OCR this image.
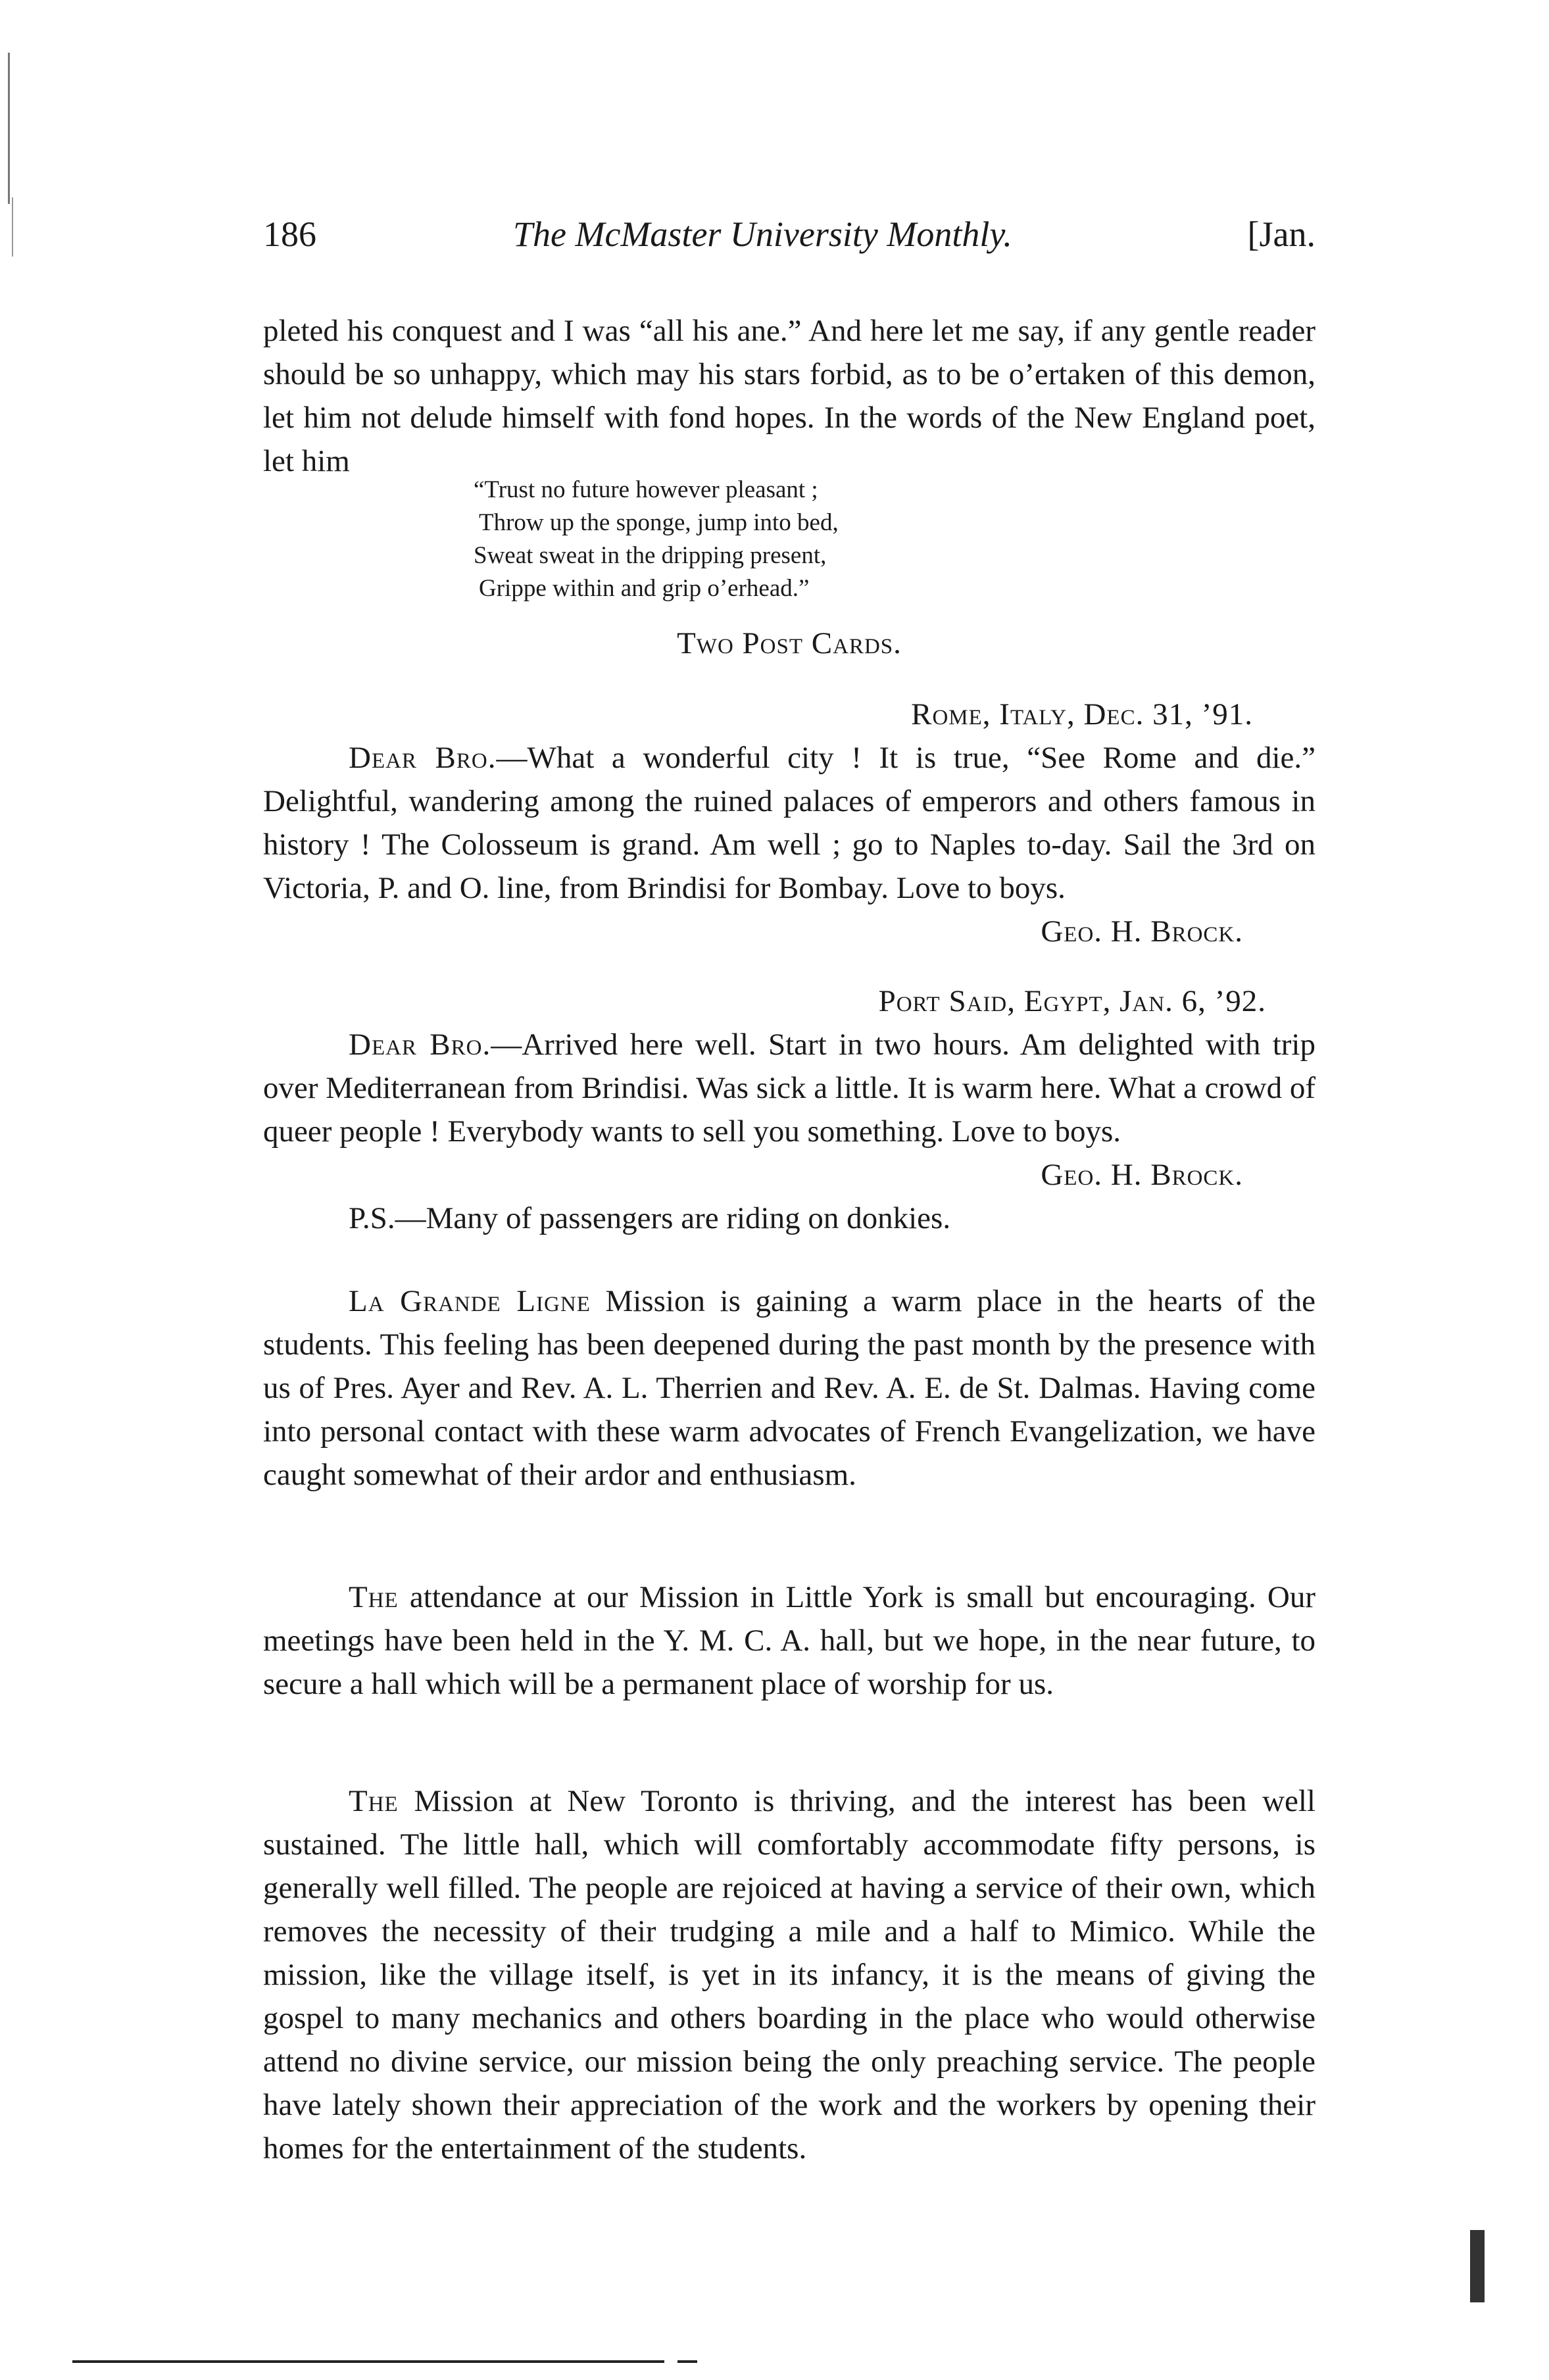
186	The McMaster University Monthly.	[Jan.

pleted his conquest and I was “all his ane.” And here let me say, if any gentle reader should be so unhappy, which may his stars forbid, as to be o’ertaken of this demon, let him not delude himself with fond hopes. In the words of the New England poet, let him

“Trust no future however pleasant ;
Throw up the sponge, jump into bed,
Sweat sweat in the dripping present,
Grippe within and grip o’erhead.”

Two Post Cards.

Rome, Italy, Dec. 31, ’91.

Dear Bro.—What a wonderful city ! It is true, “See Rome and die.” Delightful, wandering among the ruined palaces of emperors and others famous in history ! The Colosseum is grand. Am well ; go to Naples to-day. Sail the 3rd on Victoria, P. and O. line, from Brindisi for Bombay. Love to boys.

Geo. H. Brock.

Port Said, Egypt, Jan. 6, ’92.

Dear Bro.—Arrived here well. Start in two hours. Am delighted with trip over Mediterranean from Brindisi. Was sick a little. It is warm here. What a crowd of queer people ! Everybody wants to sell you something. Love to boys.

Geo. H. Brock.

P.S.—Many of passengers are riding on donkies.

La Grande Ligne Mission is gaining a warm place in the hearts of the students. This feeling has been deepened during the past month by the presence with us of Pres. Ayer and Rev. A. L. Therrien and Rev. A. E. de St. Dalmas. Having come into personal contact with these warm advocates of French Evangelization, we have caught somewhat of their ardor and enthusiasm.

The attendance at our Mission in Little York is small but encouraging. Our meetings have been held in the Y. M. C. A. hall, but we hope, in the near future, to secure a hall which will be a permanent place of worship for us.

The Mission at New Toronto is thriving, and the interest has been well sustained. The little hall, which will comfortably accommodate fifty persons, is generally well filled. The people are rejoiced at having a service of their own, which removes the necessity of their trudging a mile and a half to Mimico. While the mission, like the village itself, is yet in its infancy, it is the means of giving the gospel to many mechanics and others boarding in the place who would otherwise attend no divine service, our mission being the only preaching service. The people have lately shown their appreciation of the work and the workers by opening their homes for the entertainment of the students.
